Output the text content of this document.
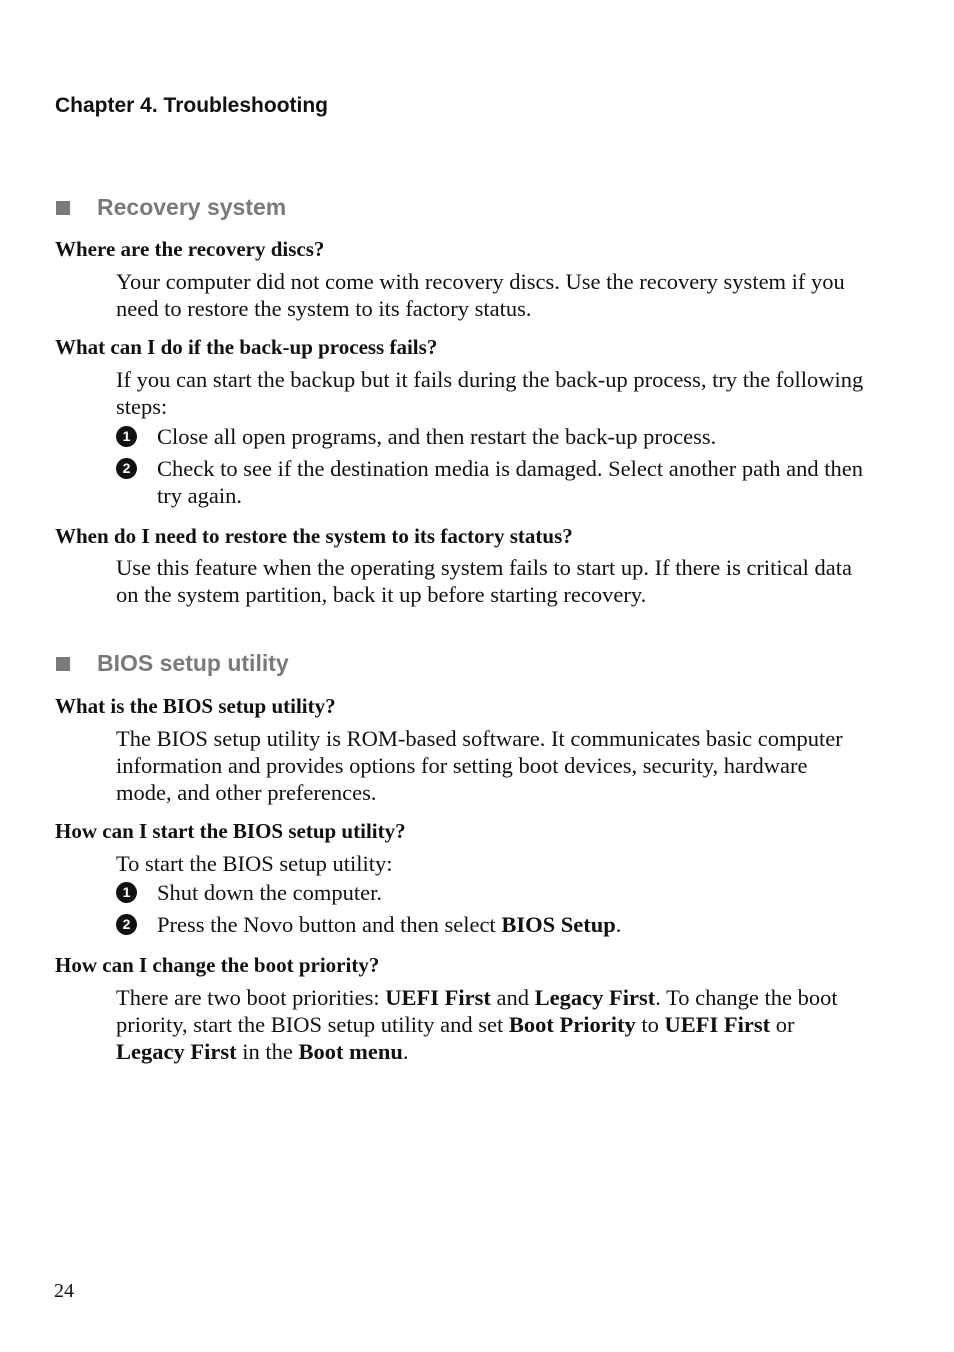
Chapter 4. Troubleshooting
Recovery system
Where are the recovery discs?
Your computer did not come with recovery discs. Use the recovery system if you need to restore the system to its factory status.
What can I do if the back-up process fails?
If you can start the backup but it fails during the back-up process, try the following steps:
1 Close all open programs, and then restart the back-up process.
2 Check to see if the destination media is damaged. Select another path and then try again.
When do I need to restore the system to its factory status?
Use this feature when the operating system fails to start up. If there is critical data on the system partition, back it up before starting recovery.
BIOS setup utility
What is the BIOS setup utility?
The BIOS setup utility is ROM-based software. It communicates basic computer information and provides options for setting boot devices, security, hardware mode, and other preferences.
How can I start the BIOS setup utility?
To start the BIOS setup utility:
1 Shut down the computer.
2 Press the Novo button and then select BIOS Setup.
How can I change the boot priority?
There are two boot priorities: UEFI First and Legacy First. To change the boot priority, start the BIOS setup utility and set Boot Priority to UEFI First or Legacy First in the Boot menu.
24
